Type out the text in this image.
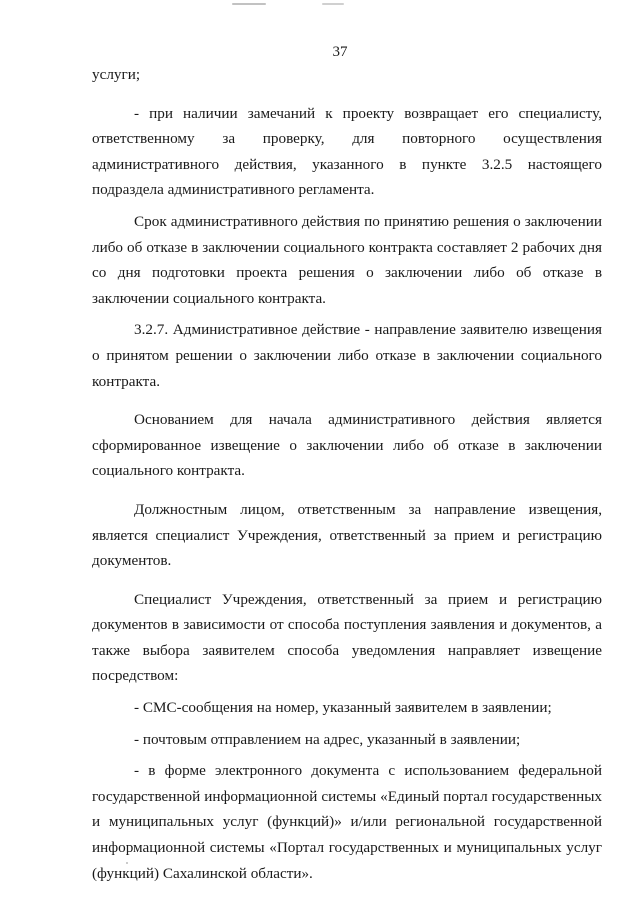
37

услуги;

- при наличии замечаний к проекту возвращает его специалисту, ответственному за проверку, для повторного осуществления административного действия, указанного в пункте 3.2.5 настоящего подраздела административного регламента.

Срок административного действия по принятию решения о заключении либо об отказе в заключении социального контракта составляет 2 рабочих дня со дня подготовки проекта решения о заключении либо об отказе в заключении социального контракта.

3.2.7. Административное действие - направление заявителю извещения о принятом решении о заключении либо отказе в заключении социального контракта.

Основанием для начала административного действия является сформированное извещение о заключении либо об отказе в заключении социального контракта.

Должностным лицом, ответственным за направление извещения, является специалист Учреждения, ответственный за прием и регистрацию документов.

Специалист Учреждения, ответственный за прием и регистрацию документов в зависимости от способа поступления заявления и документов, а также выбора заявителем способа уведомления направляет извещение посредством:

- СМС-сообщения на номер, указанный заявителем в заявлении;

- почтовым отправлением на адрес, указанный в заявлении;

- в форме электронного документа с использованием федеральной государственной информационной системы «Единый портал государственных и муниципальных услуг (функций)» и/или региональной государственной информационной системы «Портал государственных и муниципальных услуг (функций) Сахалинской области».
